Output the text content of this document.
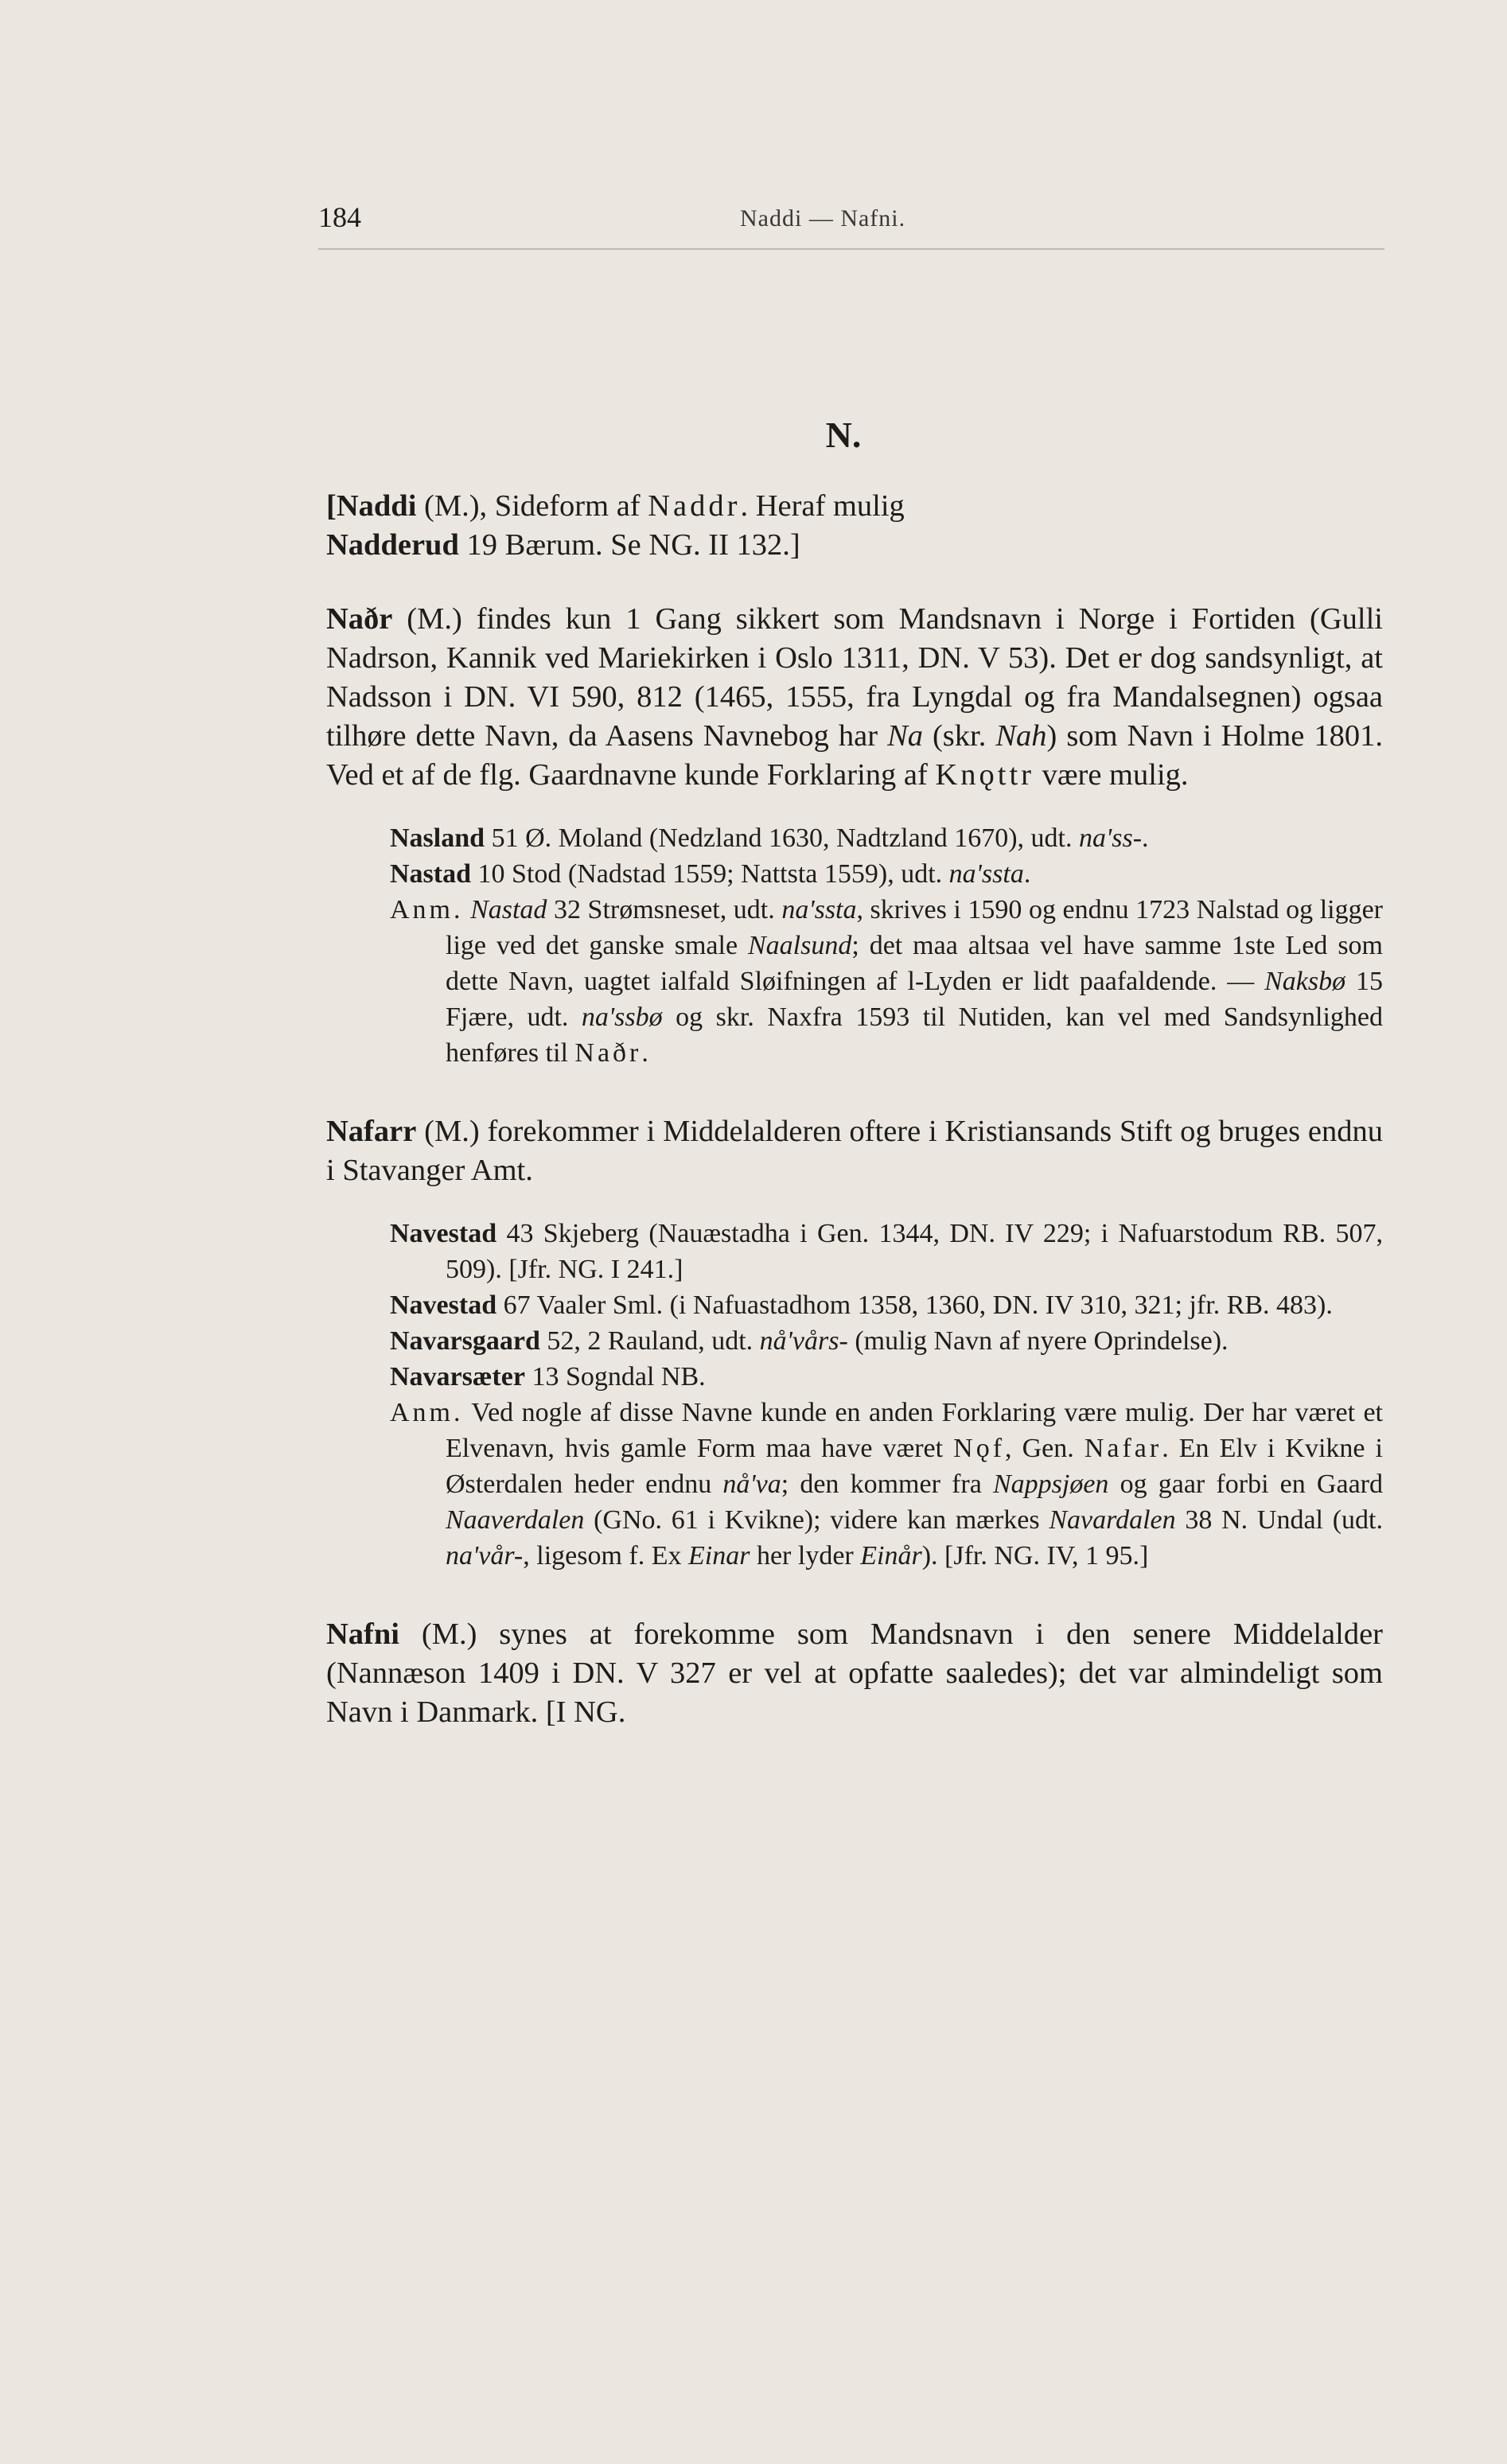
184	Naddi — Nafni.
N.

[Naddi (M.), Sideform af Naddr. Heraf mulig
Nadderud 19 Bærum. Se NG. II 132.]

Naðr (M.) findes kun 1 Gang sikkert som Mandsnavn i Norge i Fortiden (Gulli Nadrson, Kannik ved Mariekirken i Oslo 1311, DN. V 53). Det er dog sandsynligt, at Nadsson i DN. VI 590, 812 (1465, 1555, fra Lyngdal og fra Mandalsegnen) ogsaa tilhøre dette Navn, da Aasens Navnebog har Na (skr. Nah) som Navn i Holme 1801. Ved et af de flg. Gaardnavne kunde Forklaring af Knǫttr være mulig.

Nasland 51 Ø. Moland (Nedzland 1630, Nadtzland 1670), udt. na'ss-.

Nastad 10 Stod (Nadstad 1559; Nattsta 1559), udt. na'ssta.

Anm. Nastad 32 Strømsneset, udt. na'ssta, skrives i 1590 og endnu 1723 Nalstad og ligger lige ved det ganske smale Naalsund; det maa altsaa vel have samme 1ste Led som dette Navn, uagtet ialfald Sløifningen af l-Lyden er lidt paafaldende. — Naksbø 15 Fjære, udt. na'ssbø og skr. Naxfra 1593 til Nutiden, kan vel med Sandsynlighed henføres til Naðr.

Nafarr (M.) forekommer i Middelalderen oftere i Kristiansands Stift og bruges endnu i Stavanger Amt.

Navestad 43 Skjeberg (Nauæstadha i Gen. 1344, DN. IV 229; i Nafuarstodum RB. 507, 509). [Jfr. NG. I 241.]

Navestad 67 Vaaler Sml. (i Nafuastadhom 1358, 1360, DN. IV 310, 321; jfr. RB. 483).

Navarsgaard 52, 2 Rauland, udt. nå'vårs- (mulig Navn af nyere Oprindelse).

Navarsæter 13 Sogndal NB.

Anm. Ved nogle af disse Navne kunde en anden Forklaring være mulig. Der har været et Elvenavn, hvis gamle Form maa have været Nǫf, Gen. Nafar. En Elv i Kvikne i Østerdalen heder endnu nå'va; den kommer fra Nappsjøen og gaar forbi en Gaard Naaverdalen (GNo. 61 i Kvikne); videre kan mærkes Navardalen 38 N. Undal (udt. na'vår-, ligesom f. Ex Einar her lyder Einår). [Jfr. NG. IV, 1 95.]

Nafni (M.) synes at forekomme som Mandsnavn i den senere Middelalder (Nannæson 1409 i DN. V 327 er vel at opfatte saaledes); det var almindeligt som Navn i Danmark. [I NG.
